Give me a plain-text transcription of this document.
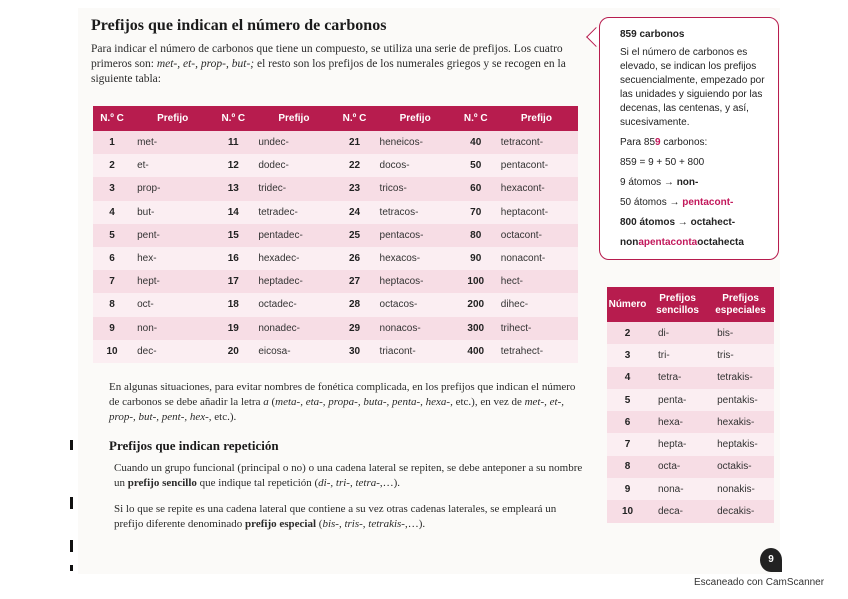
Prefijos que indican el número de carbonos

Para indicar el número de carbonos que tiene un compuesto, se utiliza una serie de prefijos. Los cuatro primeros son: met-, et-, prop-, but-; el resto son los prefijos de los numerales griegos y se recogen en la siguiente tabla:

N.º C	Prefijo	N.º C	Prefijo	N.º C	Prefijo	N.º C	Prefijo
1	met-	11	undec-	21	heneicos-	40	tetracont-
2	et-	12	dodec-	22	docos-	50	pentacont-
3	prop-	13	tridec-	23	tricos-	60	hexacont-
4	but-	14	tetradec-	24	tetracos-	70	heptacont-
5	pent-	15	pentadec-	25	pentacos-	80	octacont-
6	hex-	16	hexadec-	26	hexacos-	90	nonacont-
7	hept-	17	heptadec-	27	heptacos-	100	hect-
8	oct-	18	octadec-	28	octacos-	200	dihec-
9	non-	19	nonadec-	29	nonacos-	300	trihect-
10	dec-	20	eicosa-	30	triacont-	400	tetrahect-

En algunas situaciones, para evitar nombres de fonética complicada, en los prefijos que indican el número de carbonos se debe añadir la letra a (meta-, eta-, propa-, buta-, penta-, hexa-, etc.), en vez de met-, et-, prop-, but-, pent-, hex-, etc.).

Prefijos que indican repetición

Cuando un grupo funcional (principal o no) o una cadena lateral se repiten, se debe anteponer a su nombre un prefijo sencillo que indique tal repetición (di-, tri-, tetra-,…).

Si lo que se repite es una cadena lateral que contiene a su vez otras cadenas laterales, se empleará un prefijo diferente denominado prefijo especial (bis-, tris-, tetrakis-,…).

859 carbonos
Si el número de carbonos es elevado, se indican los prefijos secuencialmente, empezado por las unidades y siguiendo por las decenas, las centenas, y así, sucesivamente.
Para 859 carbonos:
859 = 9 + 50 + 800
9 átomos → non-
50 átomos → pentacont-
800 átomos → octahect-
nonapentacontaoctahecta
Número	Prefijos sencillos	Prefijos especiales
2	di-	bis-
3	tri-	tris-
4	tetra-	tetrakis-
5	penta-	pentakis-
6	hexa-	hexakis-
7	hepta-	heptakis-
8	octa-	octakis-
9	nona-	nonakis-
10	deca-	decakis-
9
Escaneado con CamScanner
